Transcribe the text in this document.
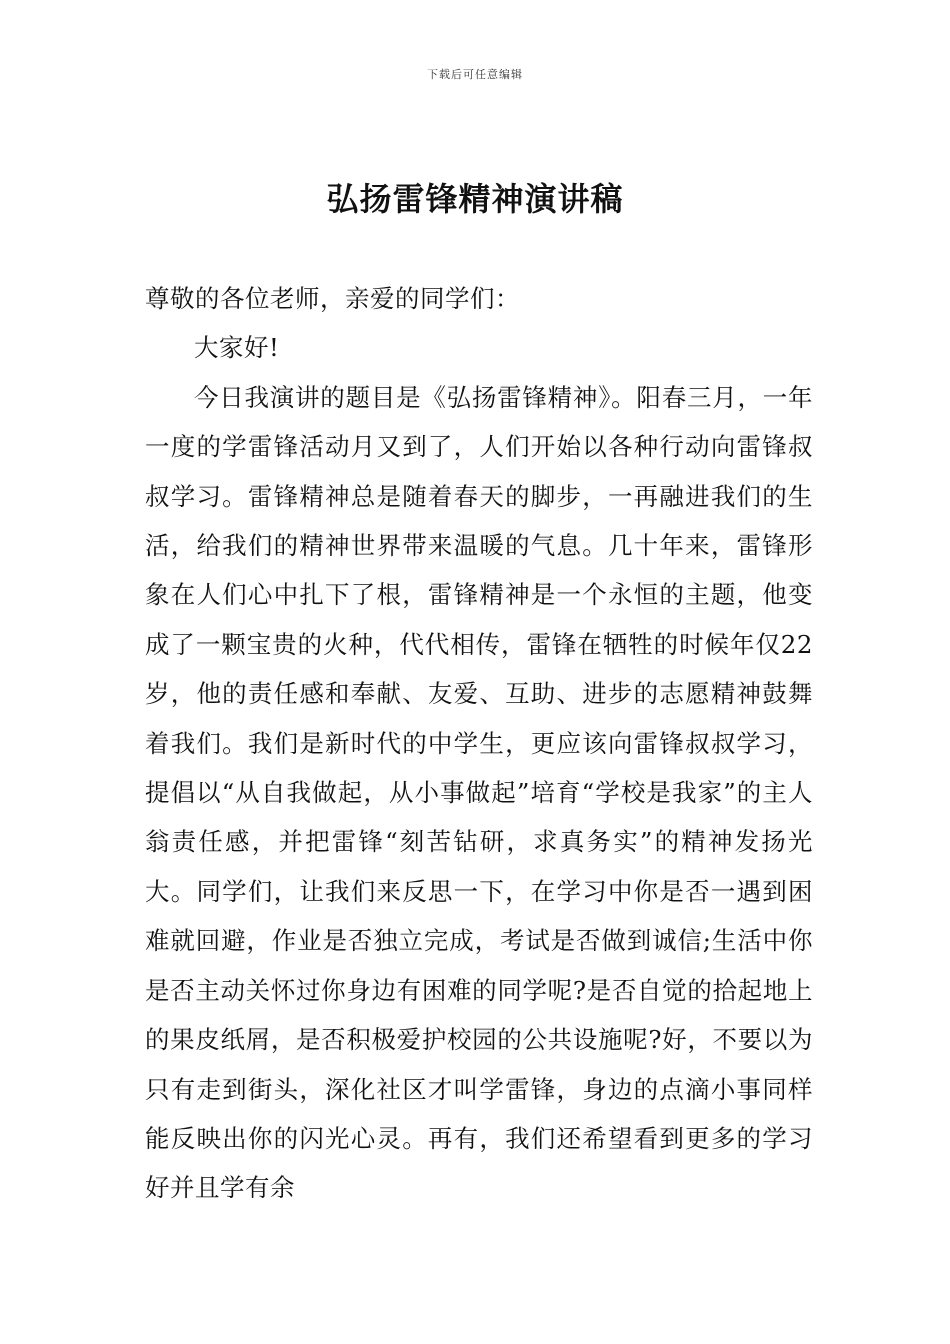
下载后可任意编辑
弘扬雷锋精神演讲稿

尊敬的各位老师，亲爱的同学们：

大家好!

今日我演讲的题目是《弘扬雷锋精神》。阳春三月，一年一度的学雷锋活动月又到了，人们开始以各种行动向雷锋叔叔学习。雷锋精神总是随着春天的脚步，一再融进我们的生活，给我们的精神世界带来温暖的气息。几十年来，雷锋形象在人们心中扎下了根，雷锋精神是一个永恒的主题，他变成了一颗宝贵的火种，代代相传，雷锋在牺牲的时候年仅22岁，他的责任感和奉献、友爱、互助、进步的志愿精神鼓舞着我们。我们是新时代的中学生，更应该向雷锋叔叔学习，提倡以“从自我做起，从小事做起”培育“学校是我家”的主人翁责任感，并把雷锋“刻苦钻研，求真务实”的精神发扬光大。同学们，让我们来反思一下，在学习中你是否一遇到困难就回避，作业是否独立完成，考试是否做到诚信;生活中你是否主动关怀过你身边有困难的同学呢?是否自觉的拾起地上的果皮纸屑，是否积极爱护校园的公共设施呢?好，不要以为只有走到街头，深化社区才叫学雷锋，身边的点滴小事同样能反映出你的闪光心灵。再有，我们还希望看到更多的学习好并且学有余
